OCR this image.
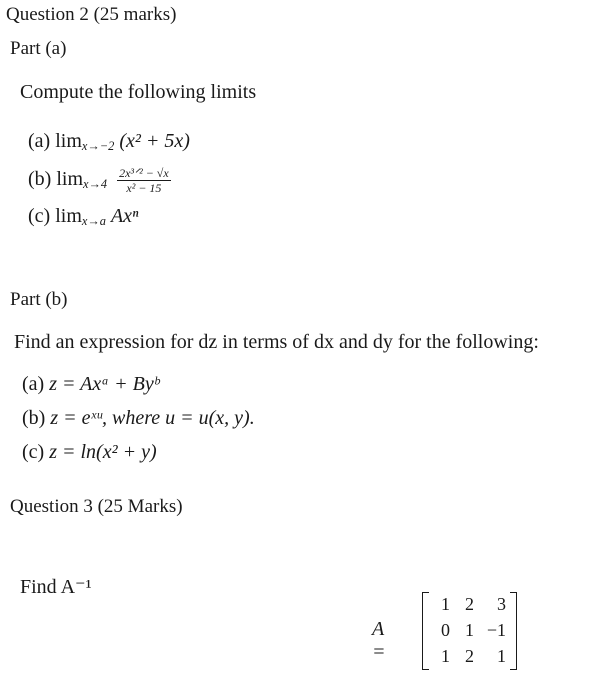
Question 2 (25 marks)
Part (a)
Compute the following limits
(a) $\lim_{x\to-2} (x^2 + 5x)$
(b) $\lim_{x\to 4} \frac{\text{2x³ᐟ² − √x}}{\text{x² − 15}}$
(c) $\lim_{x\to a} Ax^n$
Part (b)
Find an expression for dz in terms of dx and dy for the following:
(a) z = Axᵃ + Byᵇ
(b) z = eˣᵘ, where u = u(x, y).
(c) z = ln(x² + y)
Question 3 (25 Marks)
Find A⁻¹
A =
1 2	3
0 1 −1
1 2	1
